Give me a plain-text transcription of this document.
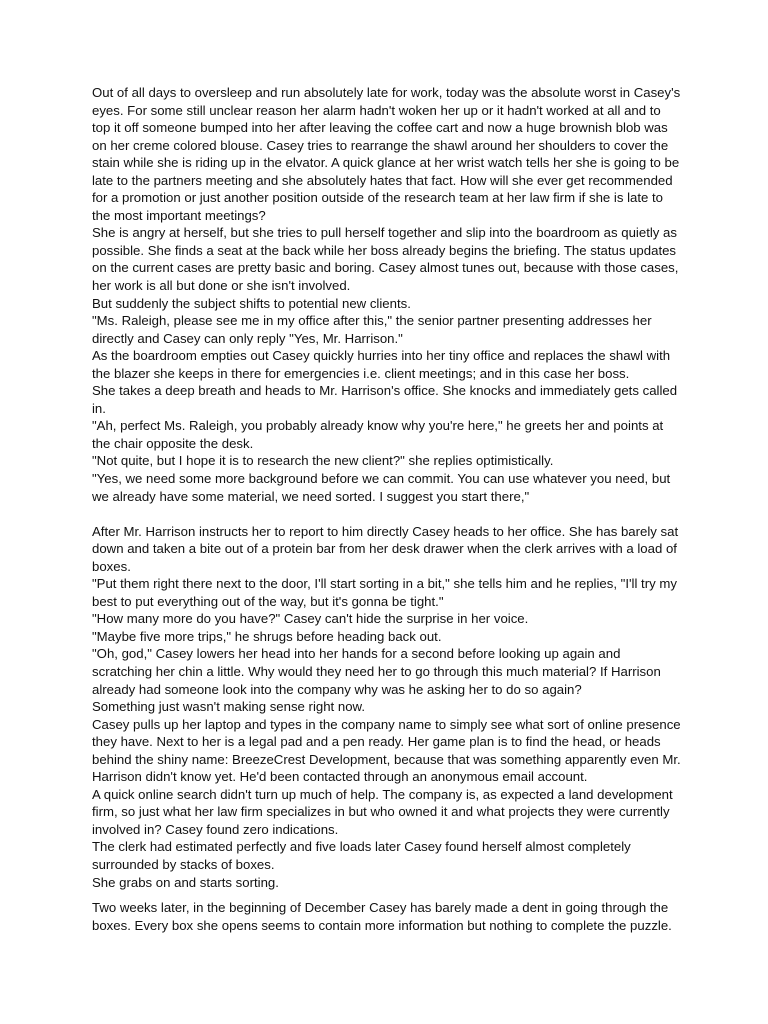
Out of all days to oversleep and run absolutely late for work, today was the absolute worst in Casey's eyes. For some still unclear reason her alarm hadn't woken her up or it hadn't worked at all and to top it off someone bumped into her after leaving the coffee cart and now a huge brownish blob was on her creme colored blouse. Casey tries to rearrange the shawl around her shoulders to cover the stain while she is riding up in the elvator. A quick glance at her wrist watch tells her she is going to be late to the partners meeting and she absolutely hates that fact. How will she ever get recommended for a promotion or just another position outside of the research team at her law firm if she is late to the most important meetings?

She is angry at herself, but she tries to pull herself together and slip into the boardroom as quietly as possible. She finds a seat at the back while her boss already begins the briefing. The status updates on the current cases are pretty basic and boring. Casey almost tunes out, because with those cases, her work is all but done or she isn't involved.

But suddenly the subject shifts to potential new clients.

"Ms. Raleigh, please see me in my office after this," the senior partner presenting addresses her directly and Casey can only reply "Yes, Mr. Harrison."

As the boardroom empties out Casey quickly hurries into her tiny office and replaces the shawl with the blazer she keeps in there for emergencies i.e. client meetings; and in this case her boss.

She takes a deep breath and heads to Mr. Harrison's office. She knocks and immediately gets called in.

"Ah, perfect Ms. Raleigh, you probably already know why you're here," he greets her and points at the chair opposite the desk.

"Not quite, but I hope it is to research the new client?" she replies optimistically.

"Yes, we need some more background before we can commit. You can use whatever you need, but we already have some material, we need sorted. I suggest you start there,"

After Mr. Harrison instructs her to report to him directly Casey heads to her office. She has barely sat down and taken a bite out of a protein bar from her desk drawer when the clerk arrives with a load of boxes.

"Put them right there next to the door, I'll start sorting in a bit," she tells him and he replies, "I'll try my best to put everything out of the way, but it's gonna be tight."

"How many more do you have?" Casey can't hide the surprise in her voice.

"Maybe five more trips," he shrugs before heading back out.

"Oh, god," Casey lowers her head into her hands for a second before looking up again and scratching her chin a little. Why would they need her to go through this much material? If Harrison already had someone look into the company why was he asking her to do so again?

Something just wasn't making sense right now.

Casey pulls up her laptop and types in the company name to simply see what sort of online presence they have. Next to her is a legal pad and a pen ready. Her game plan is to find the head, or heads behind the shiny name: BreezeCrest Development, because that was something apparently even Mr. Harrison didn't know yet. He'd been contacted through an anonymous email account.

A quick online search didn't turn up much of help. The company is, as expected a land development firm, so just what her law firm specializes in but who owned it and what projects they were currently involved in? Casey found zero indications.

The clerk had estimated perfectly and five loads later Casey found herself almost completely surrounded by stacks of boxes.

She grabs on and starts sorting.

Two weeks later, in the beginning of December Casey has barely made a dent in going through the boxes. Every box she opens seems to contain more information but nothing to complete the puzzle.
